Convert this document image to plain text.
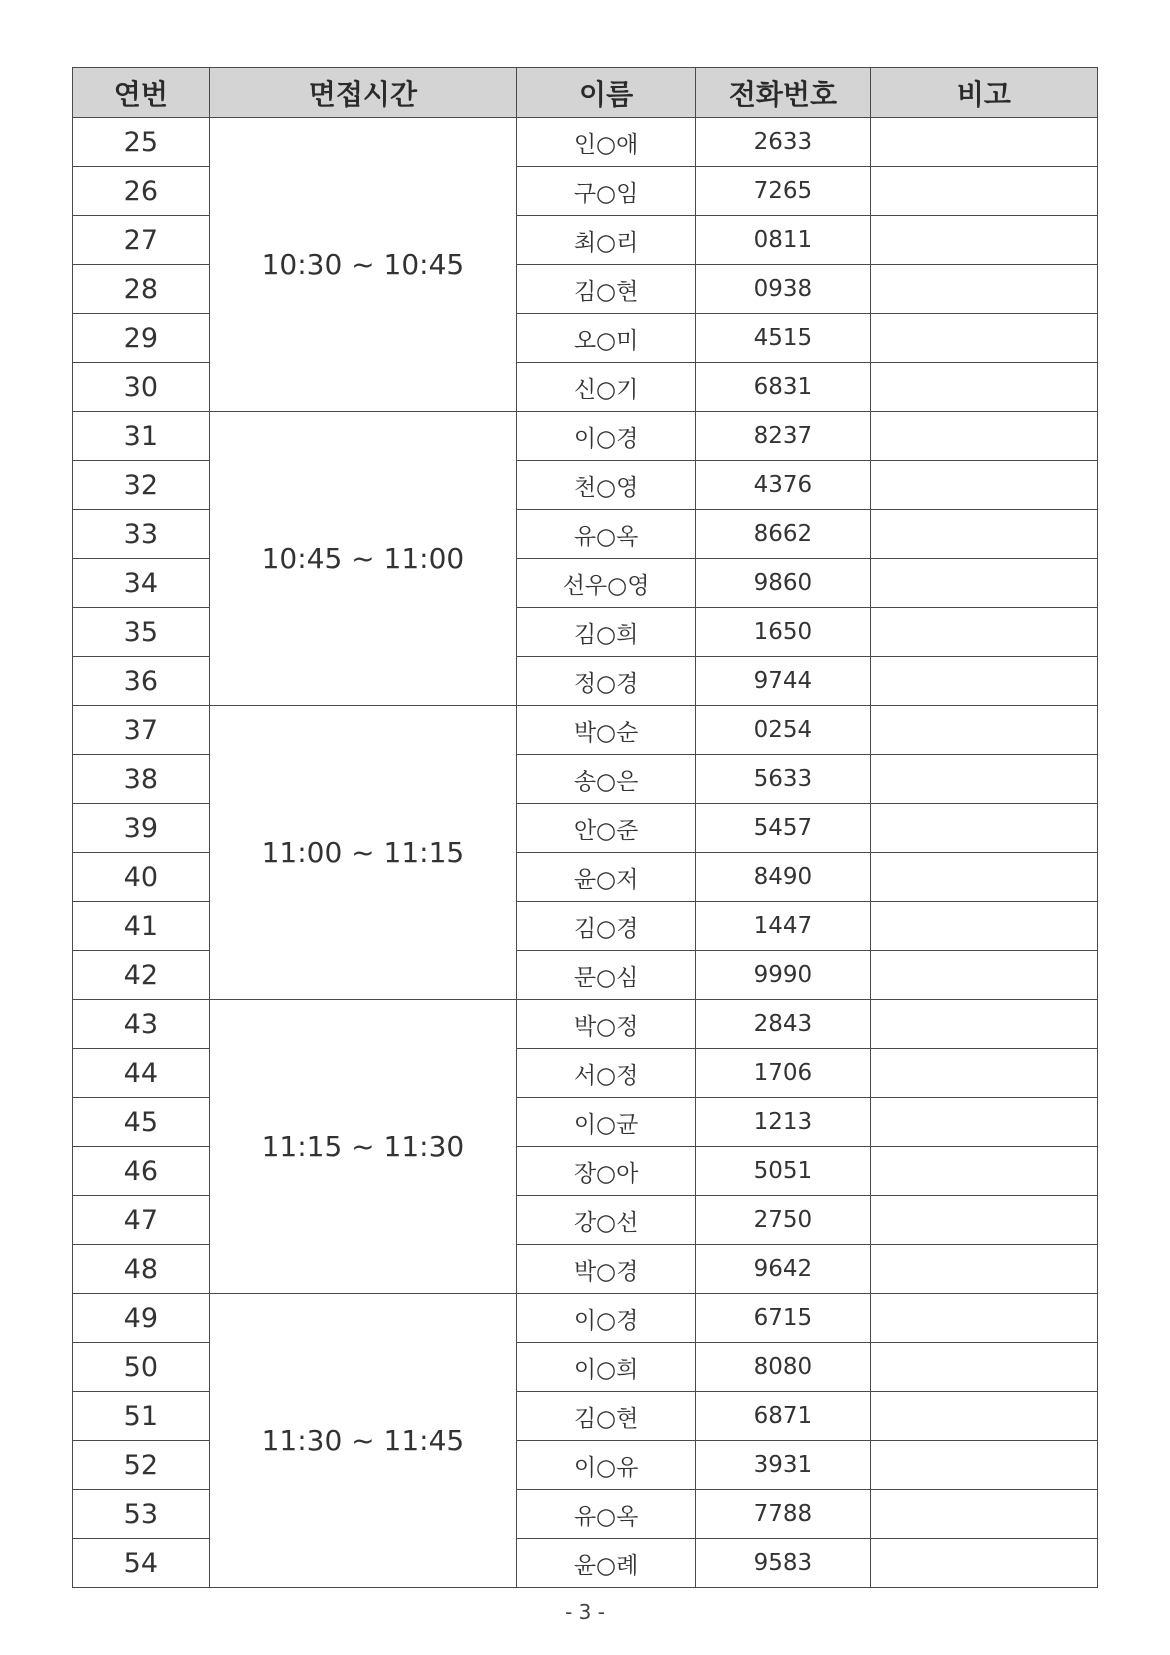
연번	면접시간	이름	전화번호	비고
25	10:30 ~ 10:45	인○애	2633	
26		구○임	7265	
27		최○리	0811	
28		김○현	0938	
29		오○미	4515	
30		신○기	6831	
31	10:45 ~ 11:00	이○경	8237	
32		천○영	4376	
33		유○옥	8662	
34		선우○영	9860	
35		김○희	1650	
36		정○경	9744	
37	11:00 ~ 11:15	박○순	0254	
38		송○은	5633	
39		안○준	5457	
40		윤○저	8490	
41		김○경	1447	
42		문○심	9990	
43	11:15 ~ 11:30	박○정	2843	
44		서○정	1706	
45		이○균	1213	
46		장○아	5051	
47		강○선	2750	
48		박○경	9642	
49	11:30 ~ 11:45	이○경	6715	
50		이○희	8080	
51		김○현	6871	
52		이○유	3931	
53		유○옥	7788	
54		윤○례	9583	
- 3 -
